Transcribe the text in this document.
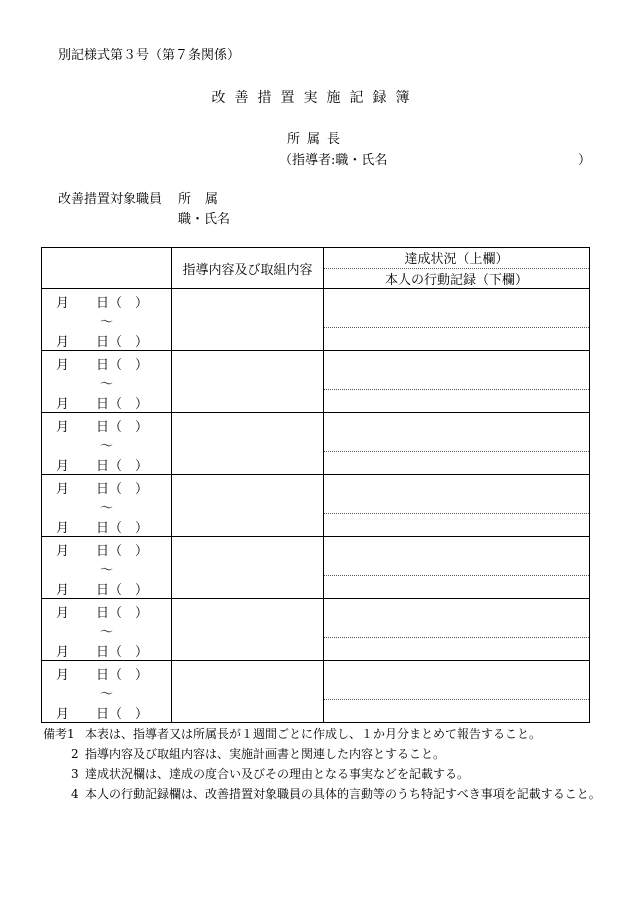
別記様式第３号（第７条関係）
改善措置実施記録簿
所属長
（指導者:職・氏名	）
改善措置対象職員 所属
職・氏名
	指導内容及び取組内容	達成状況（上欄）
本人の行動記録（下欄）

月 日（　）
～
月 日（　）		

月 日（　）
～
月 日（　）		

月 日（　）
～
月 日（　）		

月 日（　）
～
月 日（　）		

月 日（　）
～
月 日（　）		

月 日（　）
～
月 日（　）		

月 日（　）
～
月 日（　）		

備考 1 本表は、指導者又は所属長が１週間ごとに作成し、１か月分まとめて報告すること。
2 指導内容及び取組内容は、実施計画書と関連した内容とすること。
3 達成状況欄は、達成の度合い及びその理由となる事実などを記載する。
4 本人の行動記録欄は、改善措置対象職員の具体的言動等のうち特記すべき事項を記載すること。
